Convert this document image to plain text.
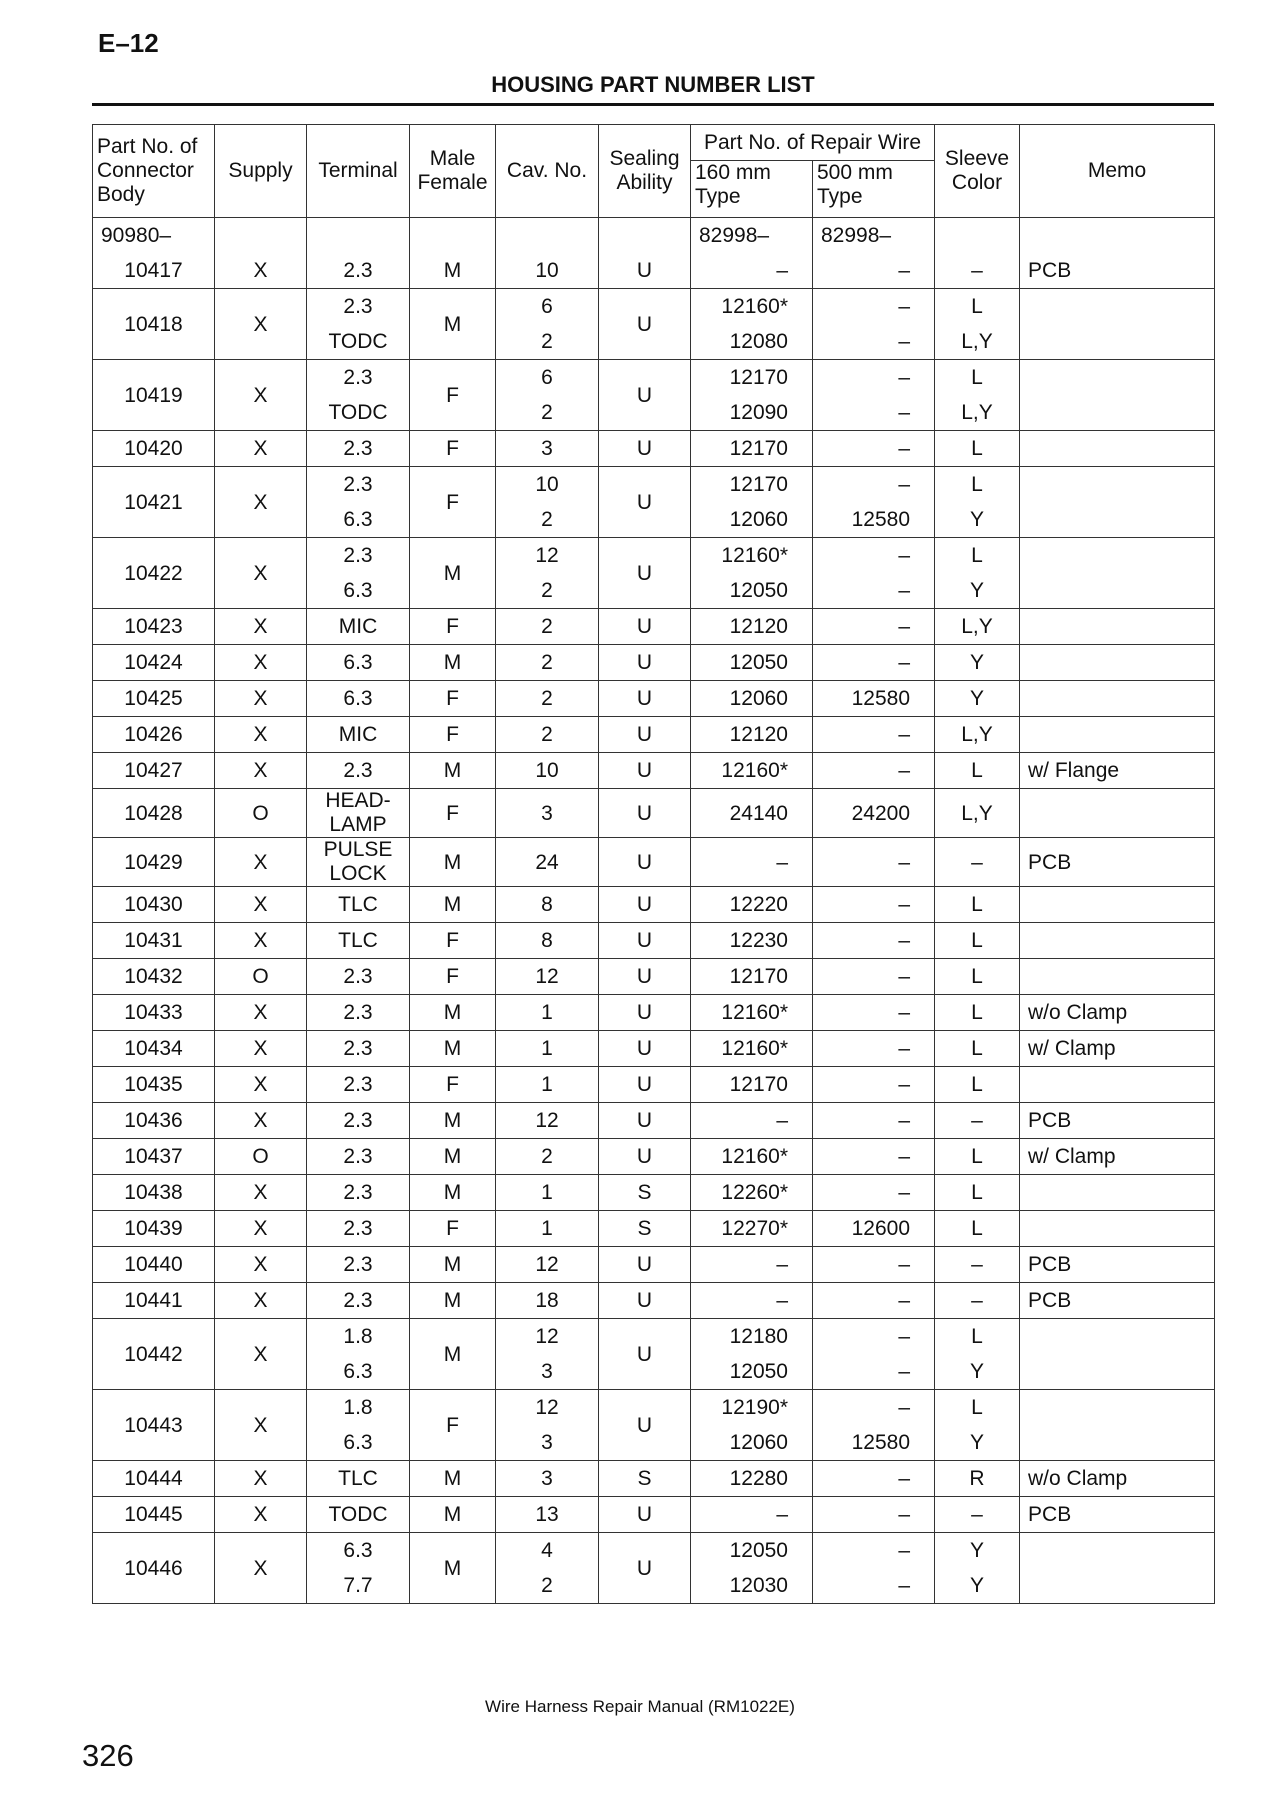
E–12
HOUSING PART NUMBER LIST
Part No. of Connector Body	Supply	Terminal	Male Female	Cav. No.	Sealing Ability	Part No. of Repair Wire		Sleeve Color	Memo
						160 mm Type	500 mm Type		
90980–						82998–	82998–		
10417	X	2.3	M	10	U	–	–	–	PCB
10418	X	2.3	M	6	U	12160*	–	L	
		TODC		2		12080	–	L,Y	
10419	X	2.3	F	6	U	12170	–	L	
		TODC		2		12090	–	L,Y	
10420	X	2.3	F	3	U	12170	–	L	
10421	X	2.3	F	10	U	12170	–	L	
		6.3		2		12060	12580	Y	
10422	X	2.3	M	12	U	12160*	–	L	
		6.3		2		12050	–	Y	
10423	X	MIC	F	2	U	12120	–	L,Y	
10424	X	6.3	M	2	U	12050	–	Y	
10425	X	6.3	F	2	U	12060	12580	Y	
10426	X	MIC	F	2	U	12120	–	L,Y	
10427	X	2.3	M	10	U	12160*	–	L	w/ Flange
10428	O	HEAD- LAMP	F	3	U	24140	24200	L,Y	
10429	X	PULSE LOCK	M	24	U	–	–	–	PCB
10430	X	TLC	M	8	U	12220	–	L	
10431	X	TLC	F	8	U	12230	–	L	
10432	O	2.3	F	12	U	12170	–	L	
10433	X	2.3	M	1	U	12160*	–	L	w/o Clamp
10434	X	2.3	M	1	U	12160*	–	L	w/ Clamp
10435	X	2.3	F	1	U	12170	–	L	
10436	X	2.3	M	12	U	–	–	–	PCB
10437	O	2.3	M	2	U	12160*	–	L	w/ Clamp
10438	X	2.3	M	1	S	12260*	–	L	
10439	X	2.3	F	1	S	12270*	12600	L	
10440	X	2.3	M	12	U	–	–	–	PCB
10441	X	2.3	M	18	U	–	–	–	PCB
10442	X	1.8	M	12	U	12180	–	L	
		6.3		3		12050	–	Y	
10443	X	1.8	F	12	U	12190*	–	L	
		6.3		3		12060	12580	Y	
10444	X	TLC	M	3	S	12280	–	R	w/o Clamp
10445	X	TODC	M	13	U	–	–	–	PCB
10446	X	6.3	M	4	U	12050	–	Y	
		7.7		2		12030	–	Y	
Wire Harness Repair Manual (RM1022E)
326
